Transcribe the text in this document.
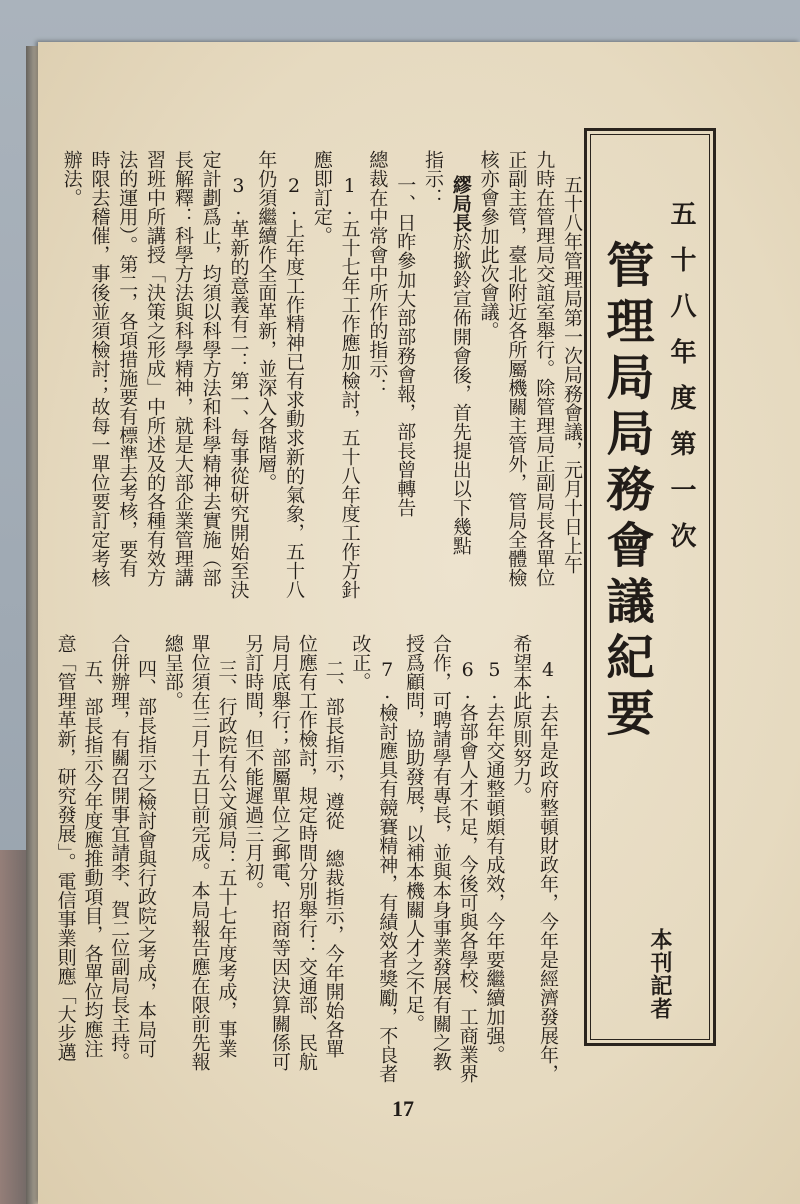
五十八年度第一次
管理局局務會議紀要
本刊記者
五十八年管理局第一次局務會議，元月十日上午
九時在管理局交誼室舉行。除管理局正副局長各單位
正副主管，臺北附近各所屬機關主管外，管局全體檢
核亦會參加此次會議。
繆局長於撳鈴宣佈開會後，首先提出以下幾點
指示：
一、日昨參加大部部務會報，部長曾轉告
總裁在中常會中所作的指示：
1.五十七年工作應加檢討，五十八年度工作方針
應即訂定。
2.上年度工作精神已有求動求新的氣象，五十八
年仍須繼續作全面革新，並深入各階層。
3.革新的意義有二：第一、每事從研究開始至決
定計劃爲止，均須以科學方法和科學精神去實施（部
長解釋：科學方法與科學精神，就是大部企業管理講
習班中所講授「決策之形成」中所述及的各種有效方
法的運用）。第二，各項措施要有標準去考核，要有
時限去稽催，事後並須檢討；故每一單位要訂定考核
辦法。
4.去年是政府整頓財政年，今年是經濟發展年，
希望本此原則努力。
5.去年交通整頓頗有成效，今年要繼續加强。
6.各部會人才不足，今後可與各學校、工商業界
合作，可聘請學有專長，並與本身事業發展有關之教
授爲顧問，協助發展，以補本機關人才之不足。
7.檢討應具有競賽精神，有績效者獎勵，不良者
改正。
二、部長指示，遵從　總裁指示，今年開始各單
位應有工作檢討，規定時間分別舉行：交通部、民航
局月底舉行；部屬單位之郵電、招商等因決算關係可
另訂時間，但不能遲過三月初。
三、行政院有公文頒局：五十七年度考成，事業
單位須在三月十五日前完成。本局報告應在限前先報
總呈部。
四、部長指示之檢討會與行政院之考成，本局可
合併辦理，有關召開事宜請李、賀二位副局長主持。
五、部長指示今年度應推動項目，各單位均應注
意「管理革新，研究發展」。電信事業則應「大步邁
17
